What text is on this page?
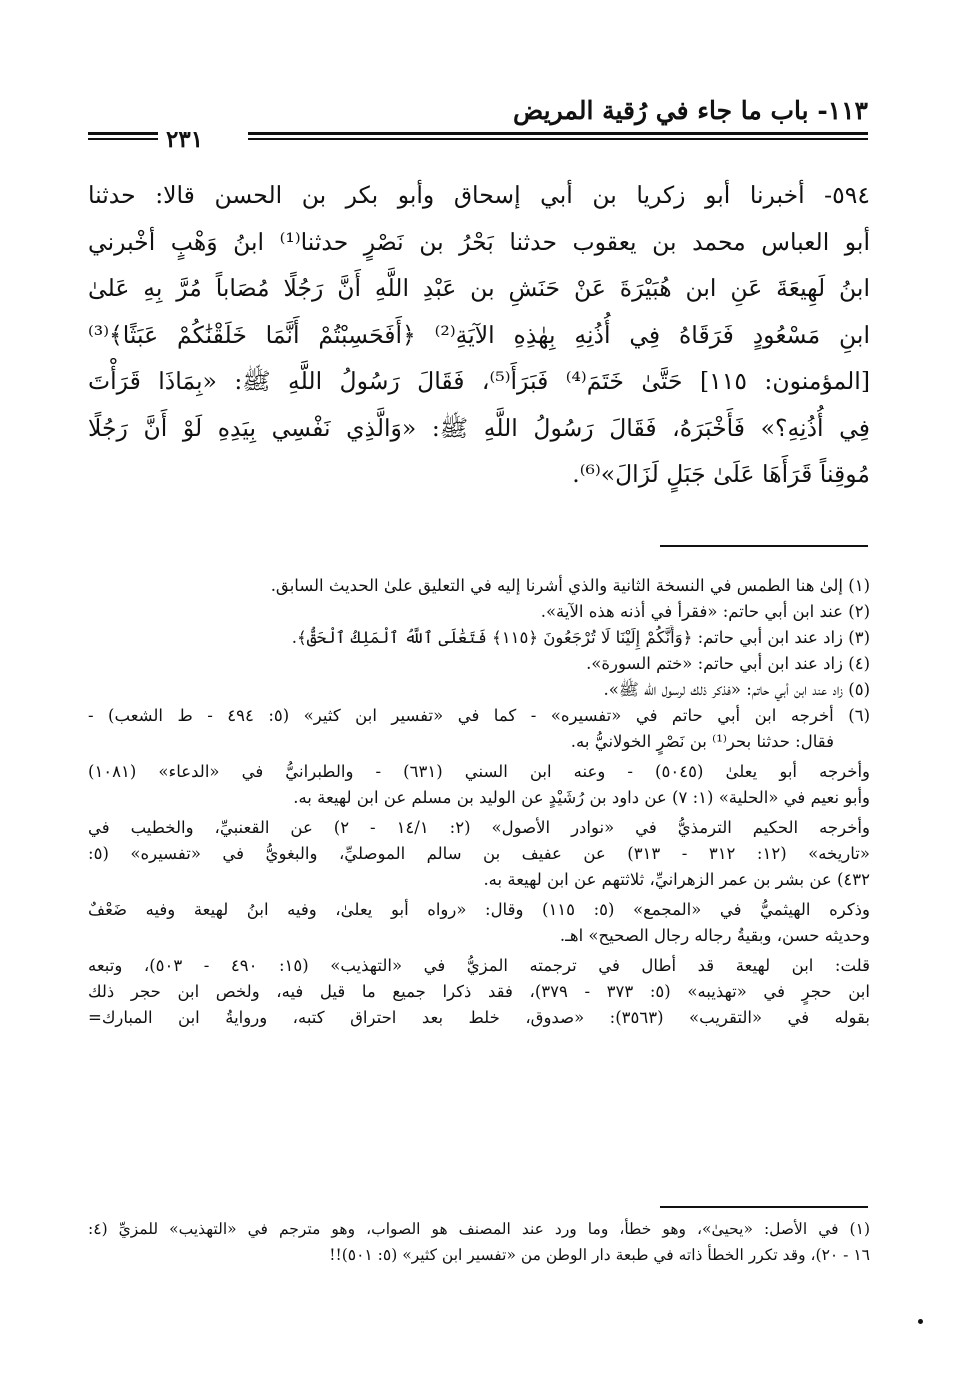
١١٣- باب ما جاء في رُقية المريض
٢٣١
٥٩٤- أخبرنا أبو زكريا بن أبي إسحاق وأبو بكر بن الحسن قالا: حدثنا
أبو العباس محمد بن يعقوب حدثنا بَحْرُ بن نَصْرٍ حدثنا⁽¹⁾ ابنُ وَهْبٍ أخْبرني
ابنُ لَهِيعَةَ عَنِ ابن هُبَيْرَةَ عَنْ حَنَشِ بن عَبْدِ اللَّهِ أَنَّ رَجُلًا مُصَاباً مُرَّ بِهِ عَلىٰ
ابنِ مَسْعُودٍ فَرَقَاهُ فِي أُذُنِهِ بِهٰذِهِ الآيَةِ⁽²⁾ ﴿أَفَحَسِبْتُمْ أَنَّمَا خَلَقْنَٰكُمْ عَبَثًا﴾⁽³⁾
[المؤمنون: ١١٥] حَتَّىٰ خَتَمَ⁽⁴⁾ فَبَرَأَ⁽⁵⁾، فَقَالَ رَسُولُ اللَّهِ ﷺ: «بِمَاذَا قَرَأْتَ
فِي أُذُنِهِ؟» فَأَخْبَرَهُ، فَقَالَ رَسُولُ اللَّهِ ﷺ: «وَالَّذِي نَفْسِي بِيَدِهِ لَوْ أَنَّ رَجُلًا
مُوقِناً قَرَأَهَا عَلَىٰ جَبَلٍ لَزَالَ»⁽⁶⁾.
(١) إلىٰ هنا الطمس في النسخة الثانية والذي أشرنا إليه في التعليق علىٰ الحديث السابق.
(٢) عند ابن أبي حاتم: «فقرأ في أذنه هذه الآية».
(٣) زاد عند ابن أبي حاتم: ﴿وَأَنَّكُمْ إِلَيْنَا لَا تُرْجَعُونَ ﴿١١٥﴾ فَتَعَٰلَى ٱللَّهُ ٱلْمَلِكُ ٱلْحَقُّ﴾.
(٤) زاد عند ابن أبي حاتم: «ختم السورة».
(٥) زاد عند ابن أبي حاتم: «فذكر ذلك لرسول الله ﷺ».
(٦) أخرجه ابن أبي حاتم في «تفسيره» - كما في «تفسير ابن كثير» (٥: ٤٩٤ - ط الشعب) -
فقال: حدثنا بحر⁽¹⁾ بن نَصْرٍ الخولانيُّ به.
وأخرجه أبو يعلىٰ (٥٠٤٥) - وعنه ابن السني (٦٣١) - والطبرانيُّ في «الدعاء» (١٠٨١)
وأبو نعيم في «الحلية» (١: ٧) عن داود بن رُشَيْدٍ عن الوليد بن مسلم عن ابن لهيعة به.
وأخرجه الحكيم الترمذيُّ في «نوادر الأصول» (٢: ١٤/١ - ٢) عن القعنبيِّ، والخطيب في
«تاريخه» (١٢: ٣١٢ - ٣١٣) عن عفيف بن سالم الموصليِّ، والبغويُّ في «تفسيره» (٥:
٤٣٢) عن بشر بن عمر الزهرانيِّ، ثلاثتهم عن ابن لهيعة به.
وذكره الهيثميُّ في «المجمع» (٥: ١١٥) وقال: «رواه أبو يعلىٰ، وفيه ابنُ لهيعة وفيه ضَعْفٌ
وحديثه حسن، وبقيةُ رجاله رجال الصحيح» اهـ.
قلت: ابن لهيعة قد أطال في ترجمته المزيُّ في «التهذيب» (١٥: ٤٩٠ - ٥٠٣)، وتبعه
ابن حجرٍ في «تهذيبه» (٥: ٣٧٣ - ٣٧٩)، فقد ذكرا جميع ما قيل فيه، ولخص ابن حجر ذلك
بقوله في «التقريب» (٣٥٦٣): «صدوق، خلط بعد احتراق كتبه، وروايةُ ابن المبارك=
(١) في الأصل: «يحيىٰ»، وهو خطأ، وما ورد عند المصنف هو الصواب، وهو مترجم في «التهذيب» للمزيِّ (٤:
١٦ - ٢٠)، وقد تكرر الخطأ ذاته في طبعة دار الوطن من «تفسير ابن كثير» (٥: ٥٠١)!!
